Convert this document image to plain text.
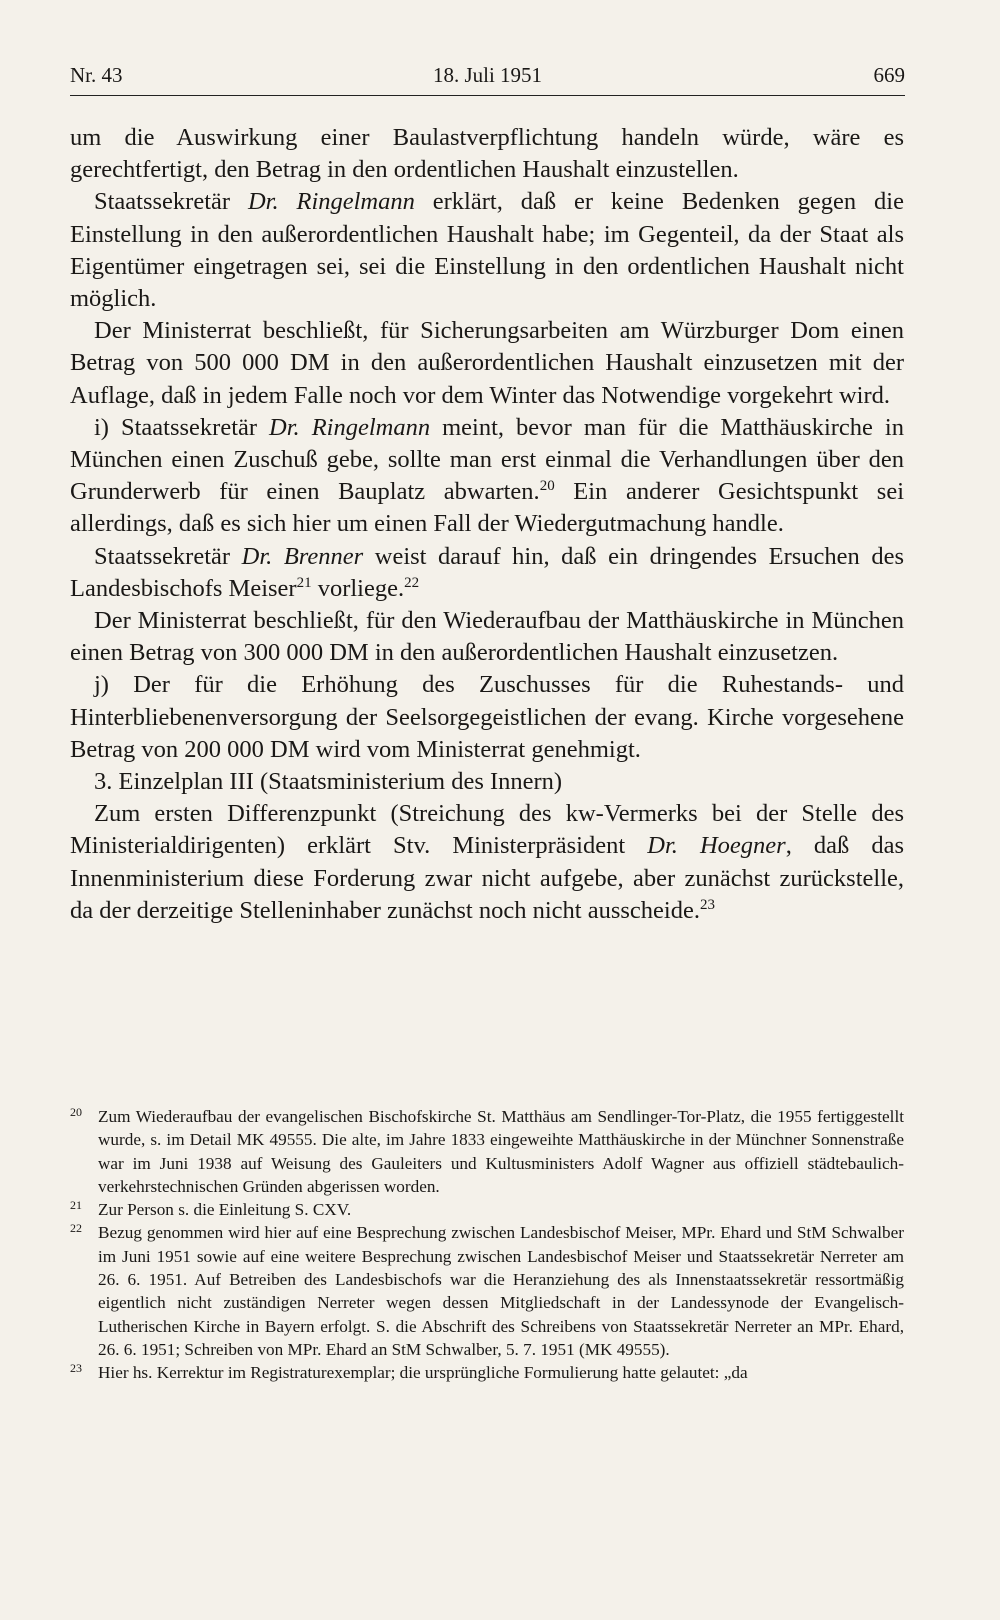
Nr. 43	18. Juli 1951	669

um die Auswirkung einer Baulastverpflichtung handeln würde, wäre es gerechtfertigt, den Betrag in den ordentlichen Haushalt einzustellen.

Staatssekretär Dr. Ringelmann erklärt, daß er keine Bedenken gegen die Einstellung in den außerordentlichen Haushalt habe; im Gegenteil, da der Staat als Eigentümer eingetragen sei, sei die Einstellung in den ordentlichen Haushalt nicht möglich.

Der Ministerrat beschließt, für Sicherungsarbeiten am Würzburger Dom einen Betrag von 500 000 DM in den außerordentlichen Haushalt einzusetzen mit der Auflage, daß in jedem Falle noch vor dem Winter das Notwendige vorgekehrt wird.

i) Staatssekretär Dr. Ringelmann meint, bevor man für die Matthäuskirche in München einen Zuschuß gebe, sollte man erst einmal die Verhandlungen über den Grunderwerb für einen Bauplatz abwarten.$^{20}$ Ein anderer Gesichtspunkt sei allerdings, daß es sich hier um einen Fall der Wiedergutmachung handle.

Staatssekretär Dr. Brenner weist darauf hin, daß ein dringendes Ersuchen des Landesbischofs Meiser$^{21}$ vorliege.$^{22}$

Der Ministerrat beschließt, für den Wiederaufbau der Matthäuskirche in München einen Betrag von 300 000 DM in den außerordentlichen Haushalt einzusetzen.

j) Der für die Erhöhung des Zuschusses für die Ruhestands- und Hinterbliebenenversorgung der Seelsorgegeistlichen der evang. Kirche vorgesehene Betrag von 200 000 DM wird vom Ministerrat genehmigt.

3. Einzelplan III (Staatsministerium des Innern)

Zum ersten Differenzpunkt (Streichung des kw-Vermerks bei der Stelle des Ministerialdirigenten) erklärt Stv. Ministerpräsident Dr. Hoegner, daß das Innenministerium diese Forderung zwar nicht aufgebe, aber zunächst zurückstelle, da der derzeitige Stelleninhaber zunächst noch nicht ausscheide.$^{23}$

20 Zum Wiederaufbau der evangelischen Bischofskirche St. Matthäus am Sendlinger-Tor-Platz, die 1955 fertiggestellt wurde, s. im Detail MK 49555. Die alte, im Jahre 1833 eingeweihte Matthäuskirche in der Münchner Sonnenstraße war im Juni 1938 auf Weisung des Gauleiters und Kultusministers Adolf Wagner aus offiziell städtebaulich-verkehrstechnischen Gründen abgerissen worden.

21 Zur Person s. die Einleitung S. CXV.

22 Bezug genommen wird hier auf eine Besprechung zwischen Landesbischof Meiser, MPr. Ehard und StM Schwalber im Juni 1951 sowie auf eine weitere Besprechung zwischen Landesbischof Meiser und Staatssekretär Nerreter am 26. 6. 1951. Auf Betreiben des Landesbischofs war die Heranziehung des als Innenstaatssekretär ressortmäßig eigentlich nicht zuständigen Nerreter wegen dessen Mitgliedschaft in der Landessynode der Evangelisch-Lutherischen Kirche in Bayern erfolgt. S. die Abschrift des Schreibens von Staatssekretär Nerreter an MPr. Ehard, 26. 6. 1951; Schreiben von MPr. Ehard an StM Schwalber, 5. 7. 1951 (MK 49555).

23 Hier hs. Kerrektur im Registraturexemplar; die ursprüngliche Formulierung hatte gelautet: „da
